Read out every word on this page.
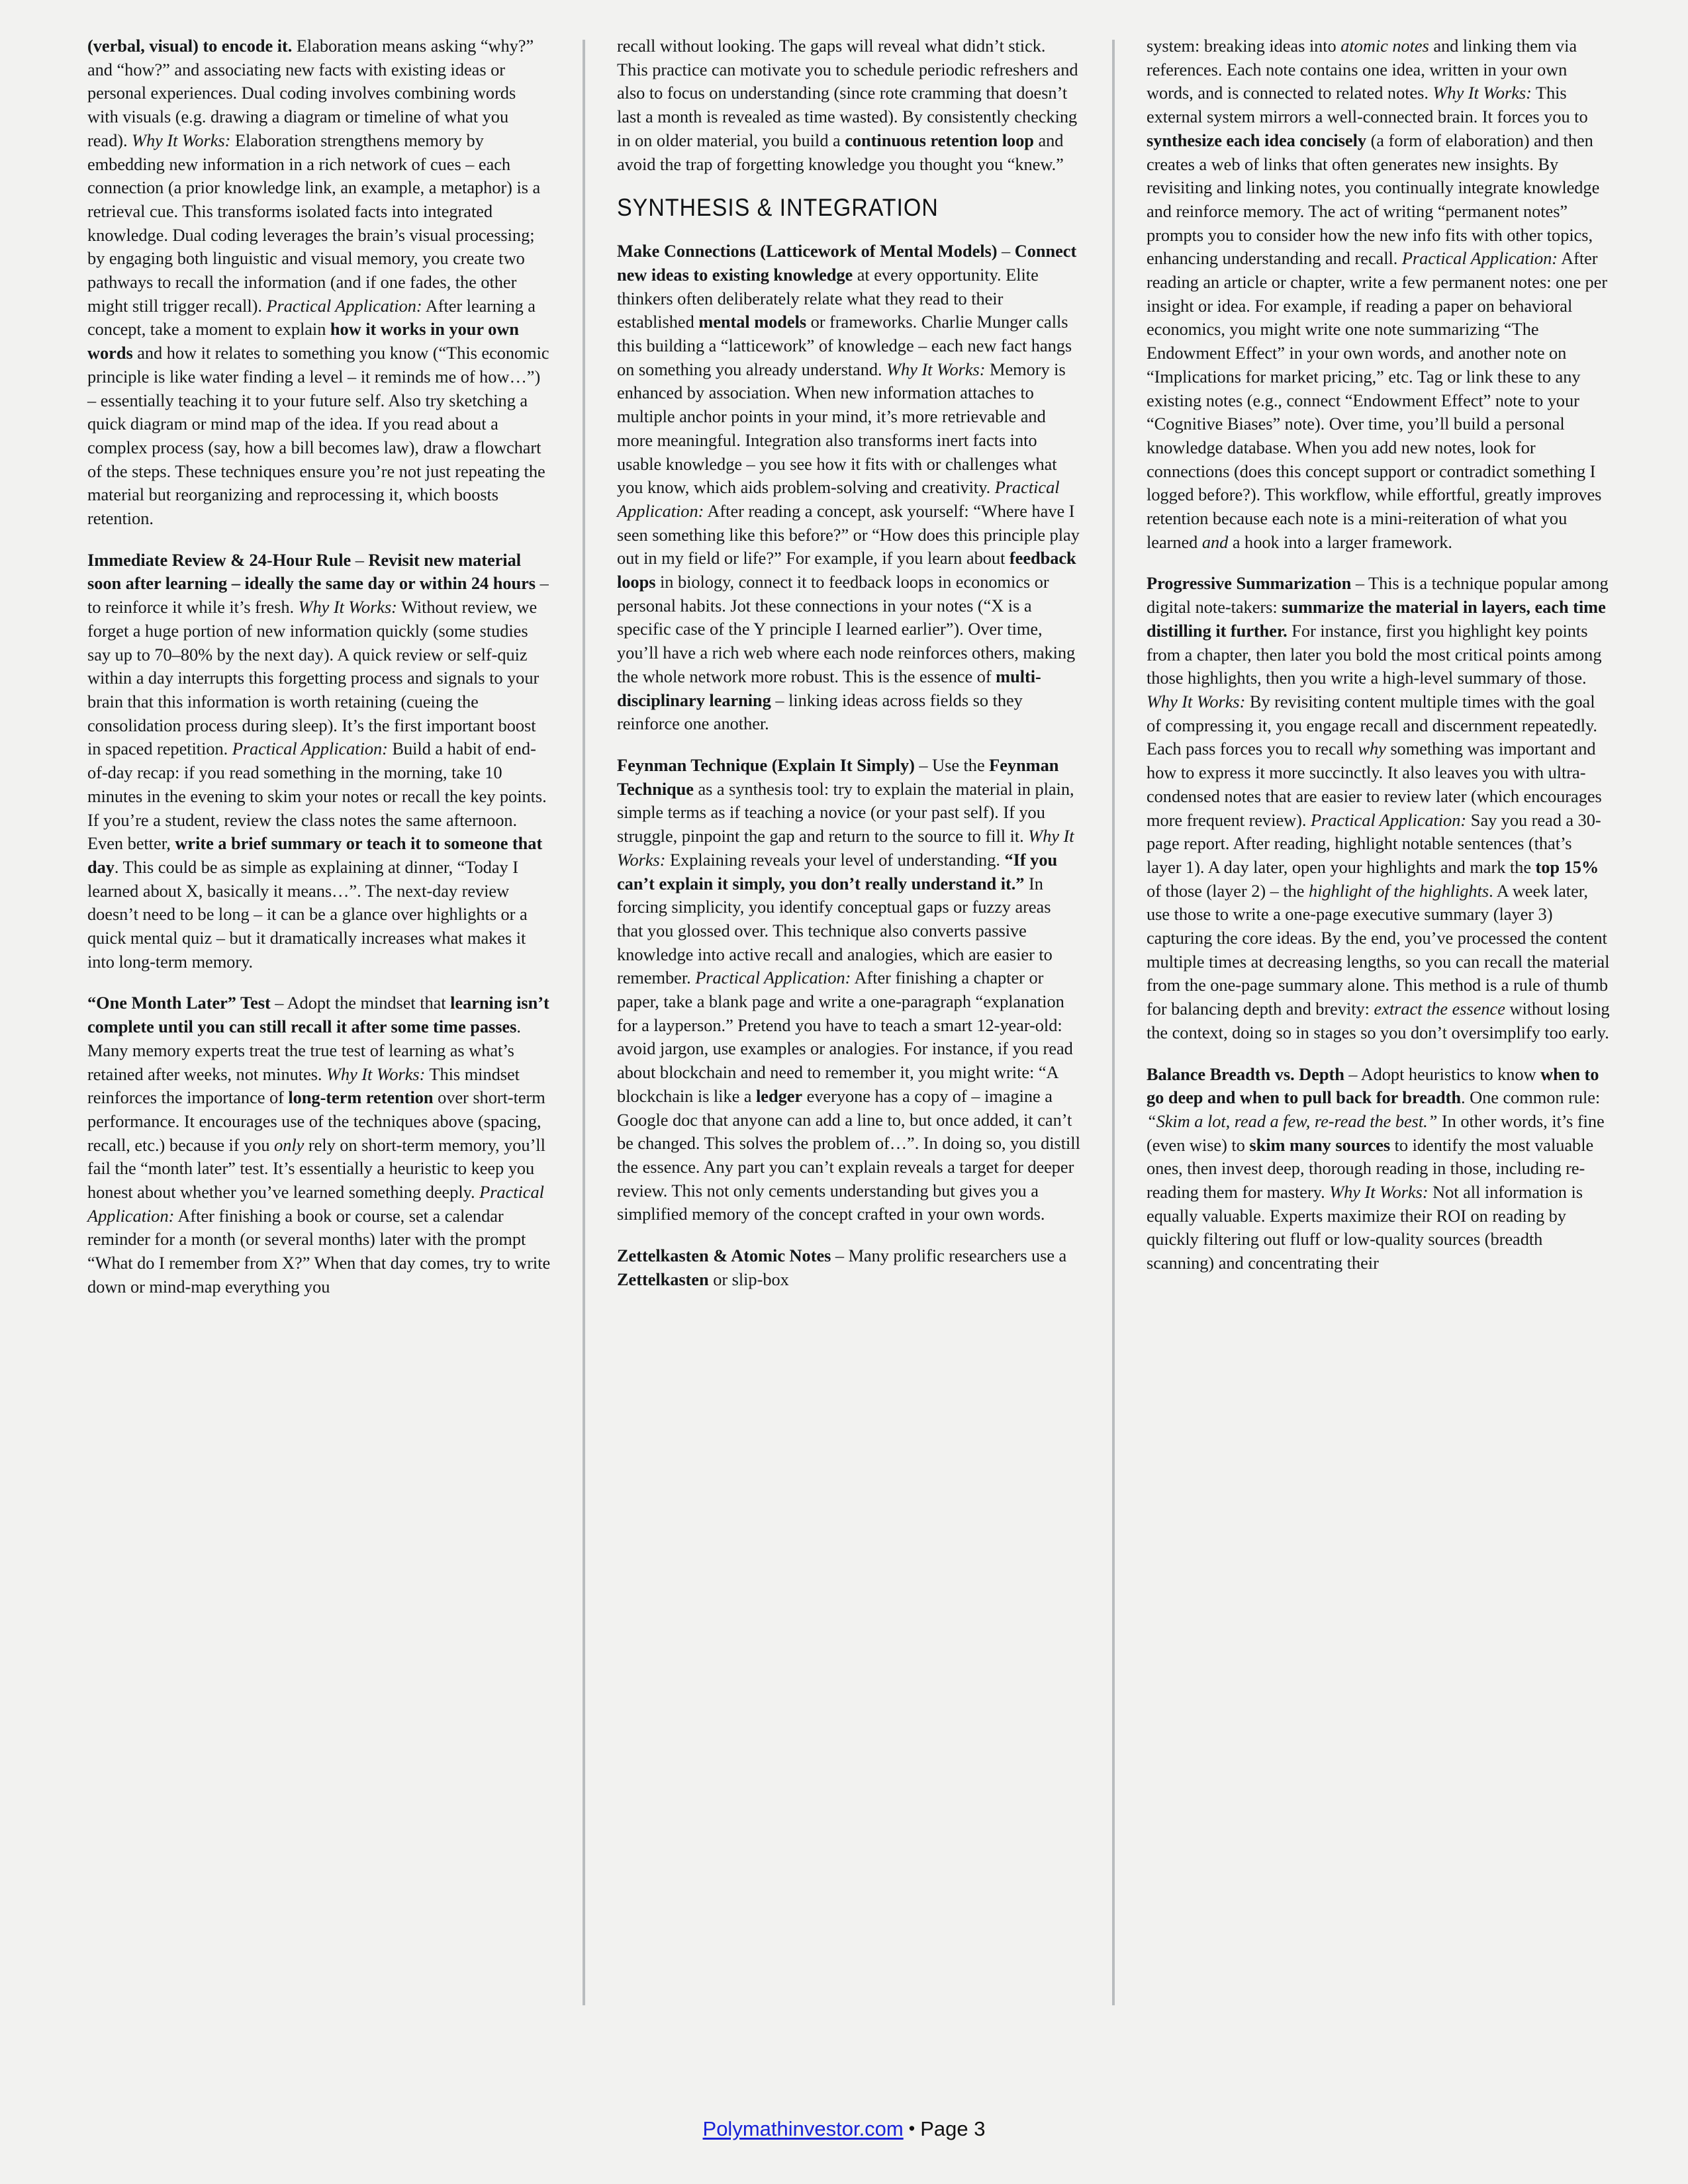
(verbal, visual) to encode it. Elaboration means asking “why?” and “how?” and associating new facts with existing ideas or personal experiences. Dual coding involves combining words with visuals (e.g. drawing a diagram or timeline of what you read). Why It Works: Elaboration strengthens memory by embedding new information in a rich network of cues – each connection (a prior knowledge link, an example, a metaphor) is a retrieval cue. This transforms isolated facts into integrated knowledge. Dual coding leverages the brain’s visual processing; by engaging both linguistic and visual memory, you create two pathways to recall the information (and if one fades, the other might still trigger recall). Practical Application: After learning a concept, take a moment to explain how it works in your own words and how it relates to something you know (“This economic principle is like water finding a level – it reminds me of how…”) – essentially teaching it to your future self. Also try sketching a quick diagram or mind map of the idea. If you read about a complex process (say, how a bill becomes law), draw a flowchart of the steps. These techniques ensure you’re not just repeating the material but reorganizing and reprocessing it, which boosts retention.

Immediate Review & 24-Hour Rule – Revisit new material soon after learning – ideally the same day or within 24 hours – to reinforce it while it’s fresh. Why It Works: Without review, we forget a huge portion of new information quickly (some studies say up to 70–80% by the next day). A quick review or self-quiz within a day interrupts this forgetting process and signals to your brain that this information is worth retaining (cueing the consolidation process during sleep). It’s the first important boost in spaced repetition. Practical Application: Build a habit of end-of-day recap: if you read something in the morning, take 10 minutes in the evening to skim your notes or recall the key points. If you’re a student, review the class notes the same afternoon. Even better, write a brief summary or teach it to someone that day. This could be as simple as explaining at dinner, “Today I learned about X, basically it means…”. The next-day review doesn’t need to be long – it can be a glance over highlights or a quick mental quiz – but it dramatically increases what makes it into long-term memory.

“One Month Later” Test – Adopt the mindset that learning isn’t complete until you can still recall it after some time passes. Many memory experts treat the true test of learning as what’s retained after weeks, not minutes. Why It Works: This mindset reinforces the importance of long-term retention over short-term performance. It encourages use of the techniques above (spacing, recall, etc.) because if you only rely on short-term memory, you’ll fail the “month later” test. It’s essentially a heuristic to keep you honest about whether you’ve learned something deeply. Practical Application: After finishing a book or course, set a calendar reminder for a month (or several months) later with the prompt “What do I remember from X?” When that day comes, try to write down or mind-map everything you

recall without looking. The gaps will reveal what didn’t stick. This practice can motivate you to schedule periodic refreshers and also to focus on understanding (since rote cramming that doesn’t last a month is revealed as time wasted). By consistently checking in on older material, you build a continuous retention loop and avoid the trap of forgetting knowledge you thought you “knew.”

SYNTHESIS & INTEGRATION

Make Connections (Latticework of Mental Models) – Connect new ideas to existing knowledge at every opportunity. Elite thinkers often deliberately relate what they read to their established mental models or frameworks. Charlie Munger calls this building a “latticework” of knowledge – each new fact hangs on something you already understand. Why It Works: Memory is enhanced by association. When new information attaches to multiple anchor points in your mind, it’s more retrievable and more meaningful. Integration also transforms inert facts into usable knowledge – you see how it fits with or challenges what you know, which aids problem-solving and creativity. Practical Application: After reading a concept, ask yourself: “Where have I seen something like this before?” or “How does this principle play out in my field or life?” For example, if you learn about feedback loops in biology, connect it to feedback loops in economics or personal habits. Jot these connections in your notes (“X is a specific case of the Y principle I learned earlier”). Over time, you’ll have a rich web where each node reinforces others, making the whole network more robust. This is the essence of multi-disciplinary learning – linking ideas across fields so they reinforce one another.

Feynman Technique (Explain It Simply) – Use the Feynman Technique as a synthesis tool: try to explain the material in plain, simple terms as if teaching a novice (or your past self). If you struggle, pinpoint the gap and return to the source to fill it. Why It Works: Explaining reveals your level of understanding. “If you can’t explain it simply, you don’t really understand it.” In forcing simplicity, you identify conceptual gaps or fuzzy areas that you glossed over. This technique also converts passive knowledge into active recall and analogies, which are easier to remember. Practical Application: After finishing a chapter or paper, take a blank page and write a one-paragraph “explanation for a layperson.” Pretend you have to teach a smart 12-year-old: avoid jargon, use examples or analogies. For instance, if you read about blockchain and need to remember it, you might write: “A blockchain is like a ledger everyone has a copy of – imagine a Google doc that anyone can add a line to, but once added, it can’t be changed. This solves the problem of…”. In doing so, you distill the essence. Any part you can’t explain reveals a target for deeper review. This not only cements understanding but gives you a simplified memory of the concept crafted in your own words.

Zettelkasten & Atomic Notes – Many prolific researchers use a Zettelkasten or slip-box

system: breaking ideas into atomic notes and linking them via references. Each note contains one idea, written in your own words, and is connected to related notes. Why It Works: This external system mirrors a well-connected brain. It forces you to synthesize each idea concisely (a form of elaboration) and then creates a web of links that often generates new insights. By revisiting and linking notes, you continually integrate knowledge and reinforce memory. The act of writing “permanent notes” prompts you to consider how the new info fits with other topics, enhancing understanding and recall. Practical Application: After reading an article or chapter, write a few permanent notes: one per insight or idea. For example, if reading a paper on behavioral economics, you might write one note summarizing “The Endowment Effect” in your own words, and another note on “Implications for market pricing,” etc. Tag or link these to any existing notes (e.g., connect “Endowment Effect” note to your “Cognitive Biases” note). Over time, you’ll build a personal knowledge database. When you add new notes, look for connections (does this concept support or contradict something I logged before?). This workflow, while effortful, greatly improves retention because each note is a mini-reiteration of what you learned and a hook into a larger framework.

Progressive Summarization – This is a technique popular among digital note-takers: summarize the material in layers, each time distilling it further. For instance, first you highlight key points from a chapter, then later you bold the most critical points among those highlights, then you write a high-level summary of those. Why It Works: By revisiting content multiple times with the goal of compressing it, you engage recall and discernment repeatedly. Each pass forces you to recall why something was important and how to express it more succinctly. It also leaves you with ultra-condensed notes that are easier to review later (which encourages more frequent review). Practical Application: Say you read a 30-page report. After reading, highlight notable sentences (that’s layer 1). A day later, open your highlights and mark the top 15% of those (layer 2) – the highlight of the highlights. A week later, use those to write a one-page executive summary (layer 3) capturing the core ideas. By the end, you’ve processed the content multiple times at decreasing lengths, so you can recall the material from the one-page summary alone. This method is a rule of thumb for balancing depth and brevity: extract the essence without losing the context, doing so in stages so you don’t oversimplify too early.

Balance Breadth vs. Depth – Adopt heuristics to know when to go deep and when to pull back for breadth. One common rule: “Skim a lot, read a few, re-read the best.” In other words, it’s fine (even wise) to skim many sources to identify the most valuable ones, then invest deep, thorough reading in those, including re-reading them for mastery. Why It Works: Not all information is equally valuable. Experts maximize their ROI on reading by quickly filtering out fluff or low-quality sources (breadth scanning) and concentrating their

Polymathinvestor.com • Page 3
